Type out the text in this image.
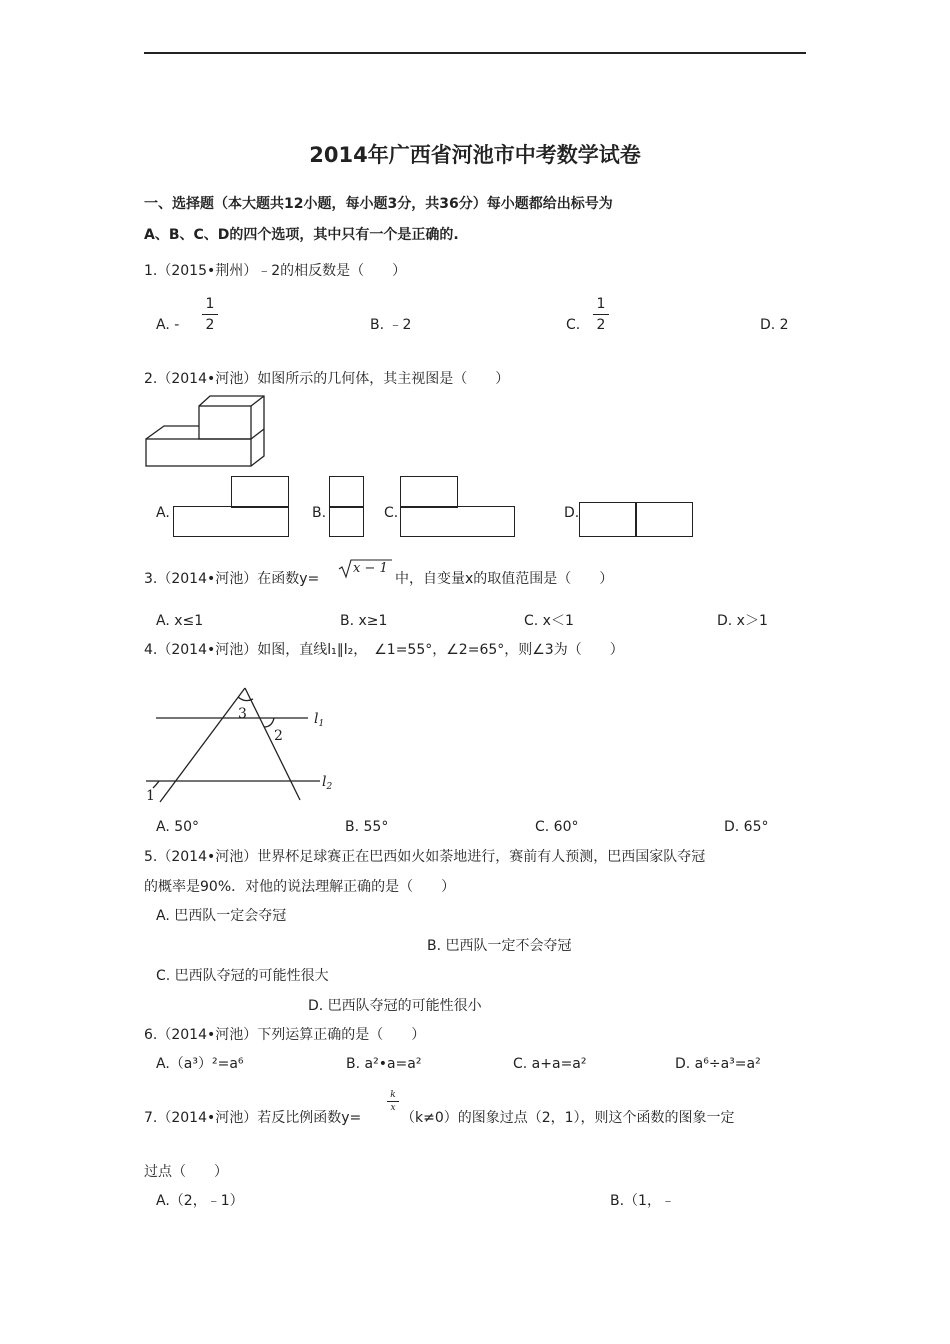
2014年广西省河池市中考数学试卷
一、选择题（本大题共12小题，每小题3分，共36分）每小题都给出标号为
A、B、C、D的四个选项，其中只有一个是正确的.
1.（2015•荆州）﹣2的相反数是（　　）
A. -
1
2	B. ﹣2	C.
1
2	D. 2
2.（2014•河池）如图所示的几何体，其主视图是（　　）
A.	B.	C.	D.
3.（2014•河池）在函数y=
x − 1
中，自变量x的取值范围是（　　）
A. x≤1	B. x≥1	C. x＜1	D. x＞1
4.（2014•河池）如图，直线l₁∥l₂，　∠1=55°，∠2=65°，则∠3为（　　）
3
2
1
$l_1$
$l_2$
A. 50°	B. 55°	C. 60°	D. 65°
5.（2014•河池）世界杯足球赛正在巴西如火如荼地进行，赛前有人预测，巴西国家队夺冠
的概率是90%．对他的说法理解正确的是（　　）
A. 巴西队一定会夺冠
B. 巴西队一定不会夺冠
C. 巴西队夺冠的可能性很大
D. 巴西队夺冠的可能性很小
6.（2014•河池）下列运算正确的是（　　）
A.（a³）²=a⁶	B. a²•a=a²	C. a+a=a²	D. a⁶÷a³=a²
7.（2014•河池）若反比例函数y=
k
x
（k≠0）的图象过点（2，1），则这个函数的图象一定
过点（　　）
A.（2，﹣1）	B.（1，﹣
